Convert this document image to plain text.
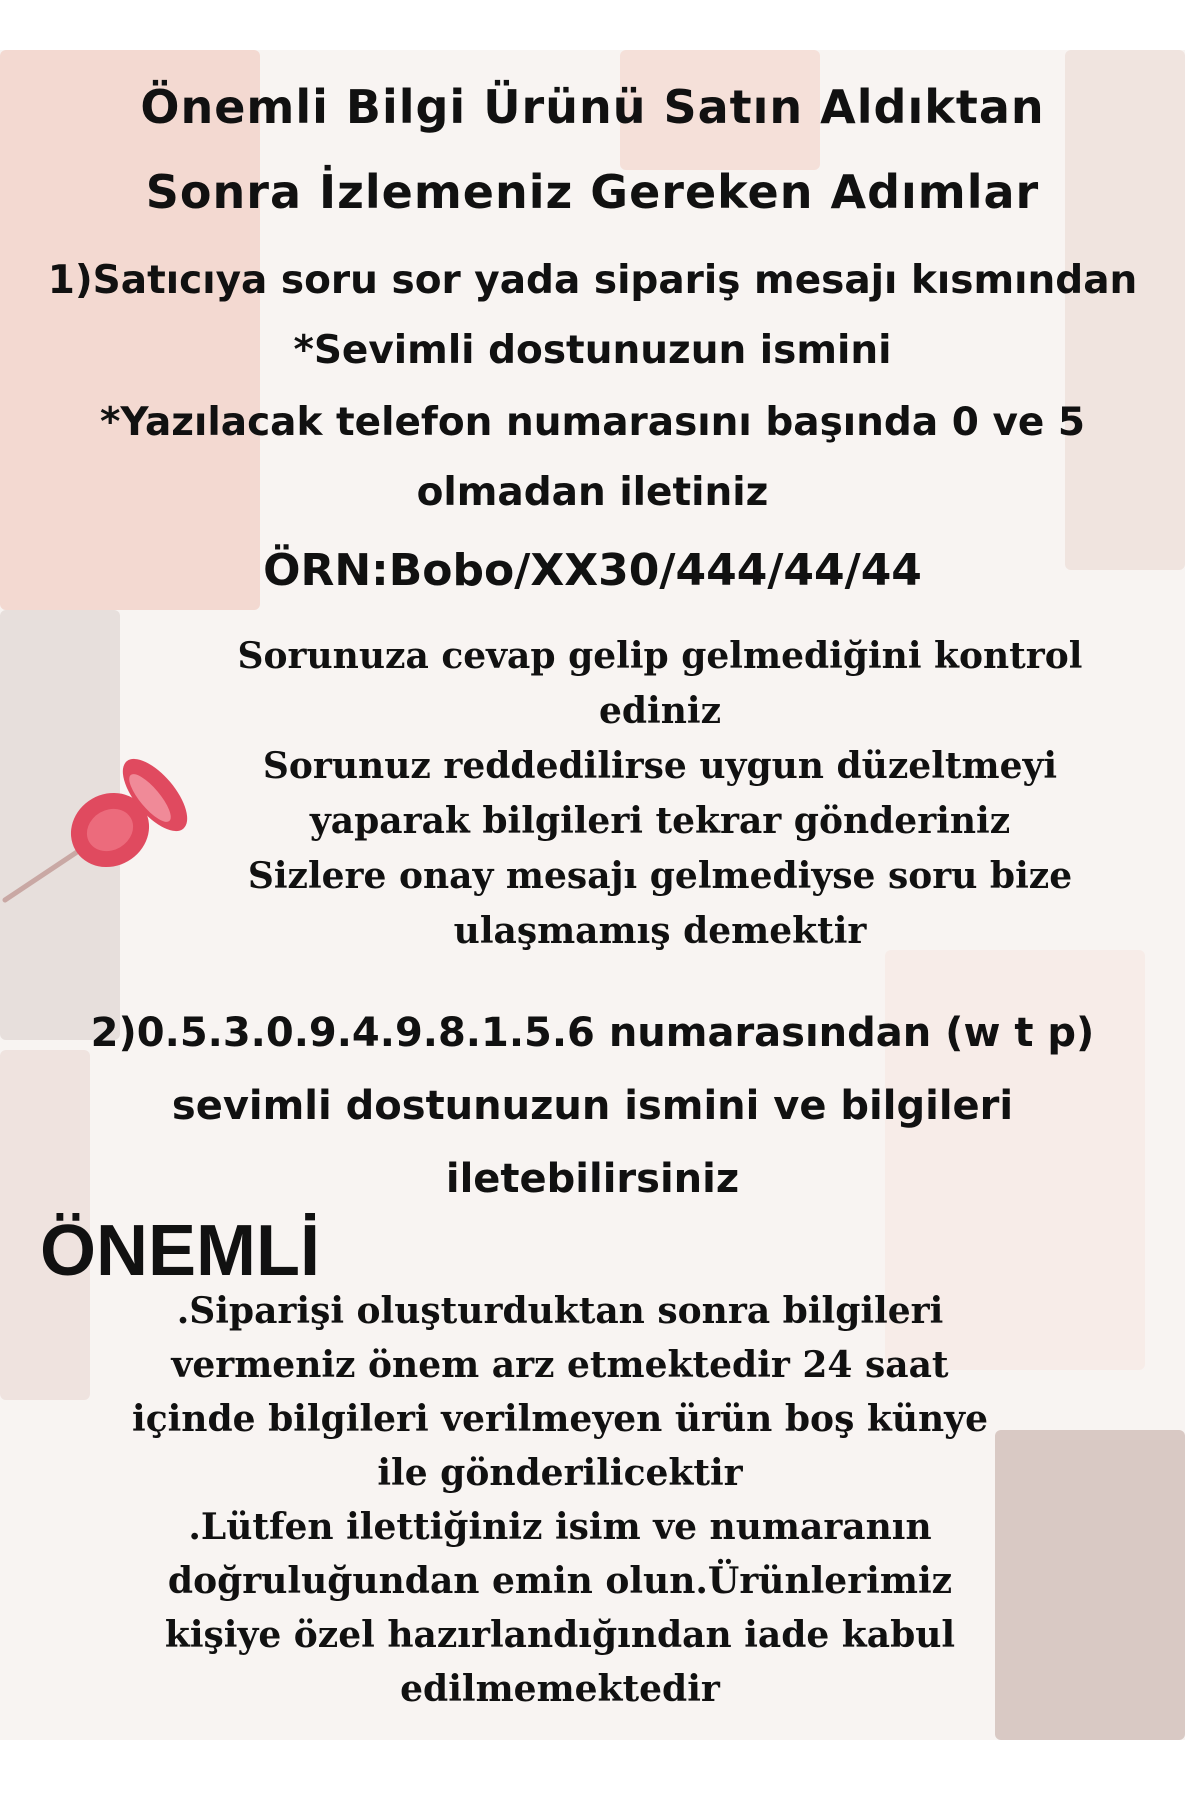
Önemli Bilgi Ürünü Satın Aldıktan

Sonra İzlemeniz Gereken Adımlar

1)Satıcıya soru sor yada sipariş mesajı kısmından

*Sevimli dostunuzun ismini

*Yazılacak telefon numarasını başında 0 ve 5

olmadan iletiniz

ÖRN:Bobo/XX30/444/44/44

Sorunuza cevap gelip gelmediğini kontrol

ediniz

Sorunuz reddedilirse uygun düzeltmeyi

yaparak bilgileri tekrar gönderiniz

Sizlere onay mesajı gelmediyse soru bize

ulaşmamış demektir

2)0.5.3.0.9.4.9.8.1.5.6 numarasından (w t p)

sevimli dostunuzun ismini ve bilgileri

iletebilirsiniz

ÖNEMLİ

.Siparişi oluşturduktan sonra bilgileri

vermeniz önem arz etmektedir 24 saat

içinde bilgileri verilmeyen ürün boş künye

ile gönderilicektir

.Lütfen ilettiğiniz isim ve numaranın

doğruluğundan emin olun.Ürünlerimiz

kişiye özel hazırlandığından iade kabul

edilmemektedir
